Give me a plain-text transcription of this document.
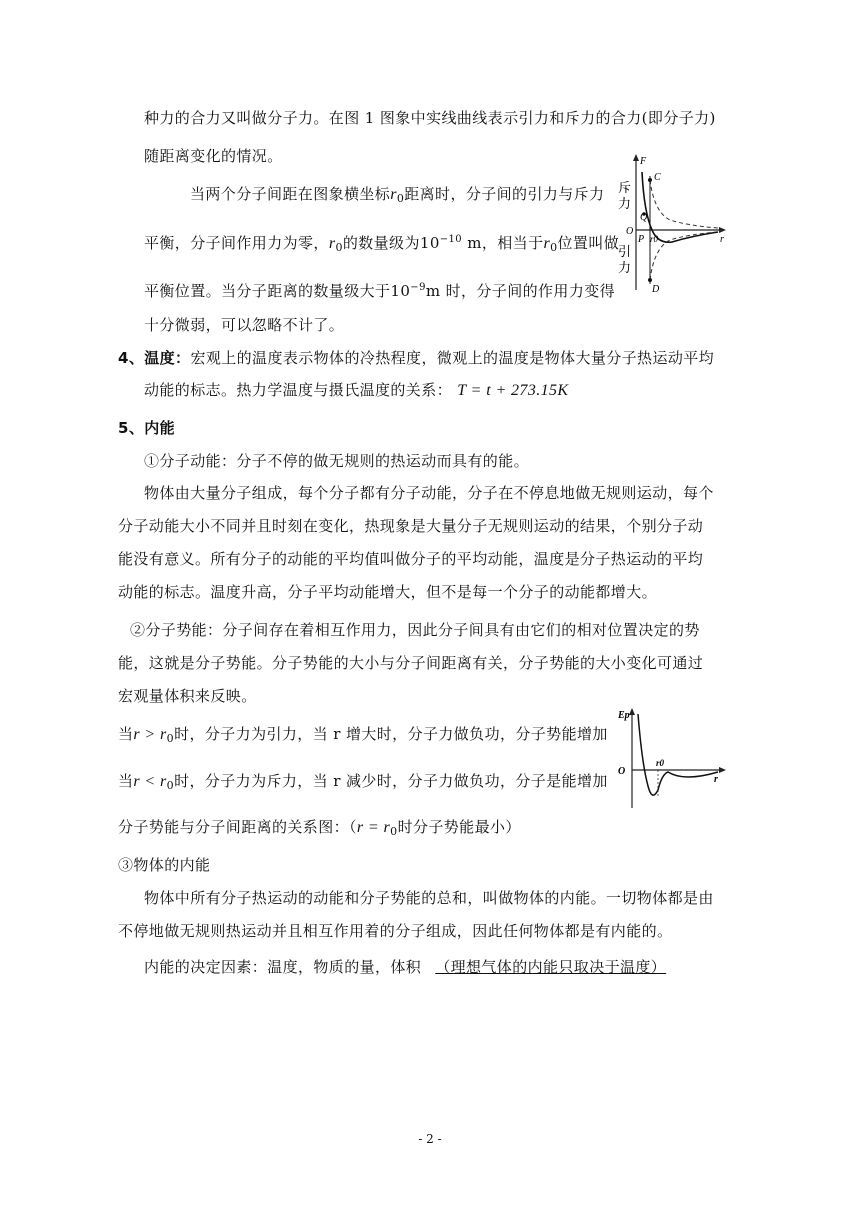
种力的合力又叫做分子力。在图 1 图象中实线曲线表示引力和斥力的合力(即分子力)
随距离变化的情况。
当两个分子间距在图象横坐标$r_0$距离时，分子间的引力与斥力
平衡，分子间作用力为零，$r_0$的数量级为$10^{-10}$ m，相当于$r_0$位置叫做
平衡位置。当分子距离的数量级大于$10^{-9}m$ 时，分子间的作用力变得
十分微弱，可以忽略不计了。
F
C
斥
力
Q
O
P r0	r
引
力
D
4、温度：宏观上的温度表示物体的冷热程度，微观上的温度是物体大量分子热运动平均
动能的标志。热力学温度与摄氏温度的关系： T = t + 273.15K
5、内能
①分子动能：分子不停的做无规则的热运动而具有的能。
物体由大量分子组成，每个分子都有分子动能，分子在不停息地做无规则运动，每个
分子动能大小不同并且时刻在变化，热现象是大量分子无规则运动的结果，个别分子动
能没有意义。所有分子的动能的平均值叫做分子的平均动能，温度是分子热运动的平均
动能的标志。温度升高，分子平均动能增大，但不是每一个分子的动能都增大。
②分子势能：分子间存在着相互作用力，因此分子间具有由它们的相对位置决定的势
能，这就是分子势能。分子势能的大小与分子间距离有关，分子势能的大小变化可通过
宏观量体积来反映。
当$r > r_0$时，分子力为引力，当 r 增大时，分子力做负功，分子势能增加
当$r < r_0$时，分子力为斥力，当 r 减少时，分子力做负功，分子是能增加
分子势能与分子间距离的关系图：（$r = r_0$时分子势能最小）
Ep
O
r0
r
③物体的内能
物体中所有分子热运动的动能和分子势能的总和，叫做物体的内能。一切物体都是由
不停地做无规则热运动并且相互作用着的分子组成，因此任何物体都是有内能的。
内能的决定因素：温度，物质的量，体积 （理想气体的内能只取决于温度）
- 2 -
